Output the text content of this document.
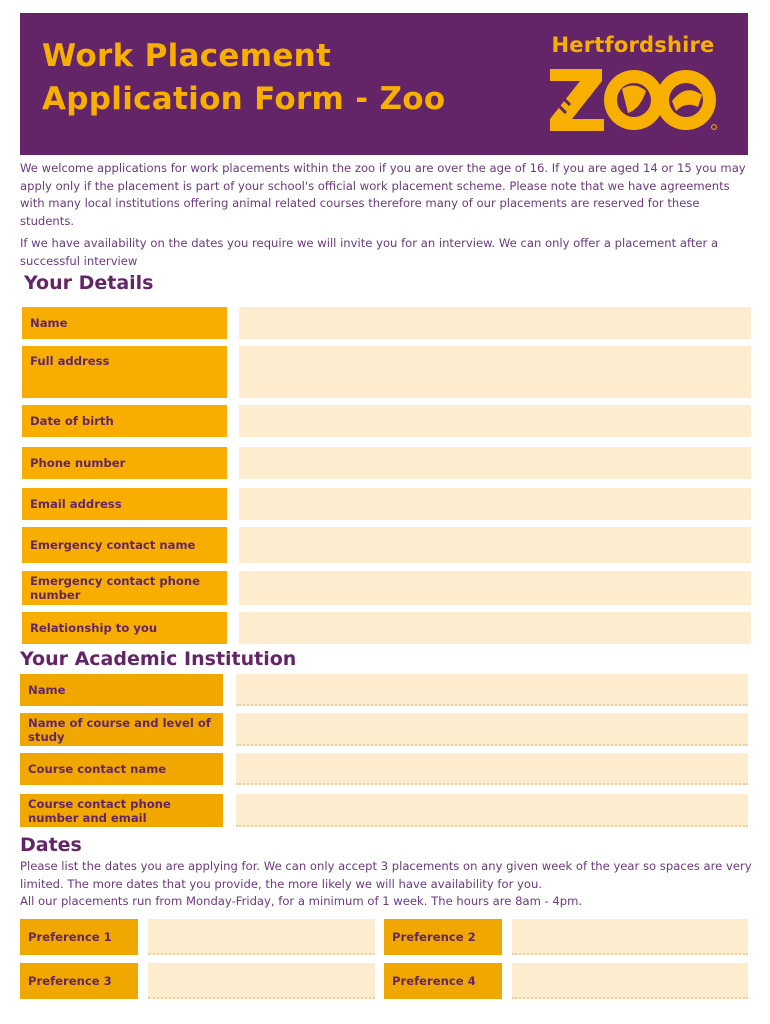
Work Placement
Application Form - Zoo
Hertfordshire

We welcome applications for work placements within the zoo if you are over the age of 16. If you are aged 14 or 15 you may apply only if the placement is part of your school's official work placement scheme. Please note that we have agreements with many local institutions offering animal related courses therefore many of our placements are reserved for these students.

If we have availability on the dates you require we will invite you for an interview. We can only offer a placement after a successful interview

Your Details
Name
Full address
Date of birth
Phone number
Email address
Emergency contact name
Emergency contact phone number
Relationship to you
Your Academic Institution
Name
Name of course and level of study
Course contact name
Course contact phone number and email
Dates

Please list the dates you are applying for. We can only accept 3 placements on any given week of the year so spaces are very limited. The more dates that you provide, the more likely we will have availability for you.

All our placements run from Monday-Friday, for a minimum of 1 week. The hours are 8am - 4pm.

Preference 1	Preference 2
Preference 3	Preference 4
